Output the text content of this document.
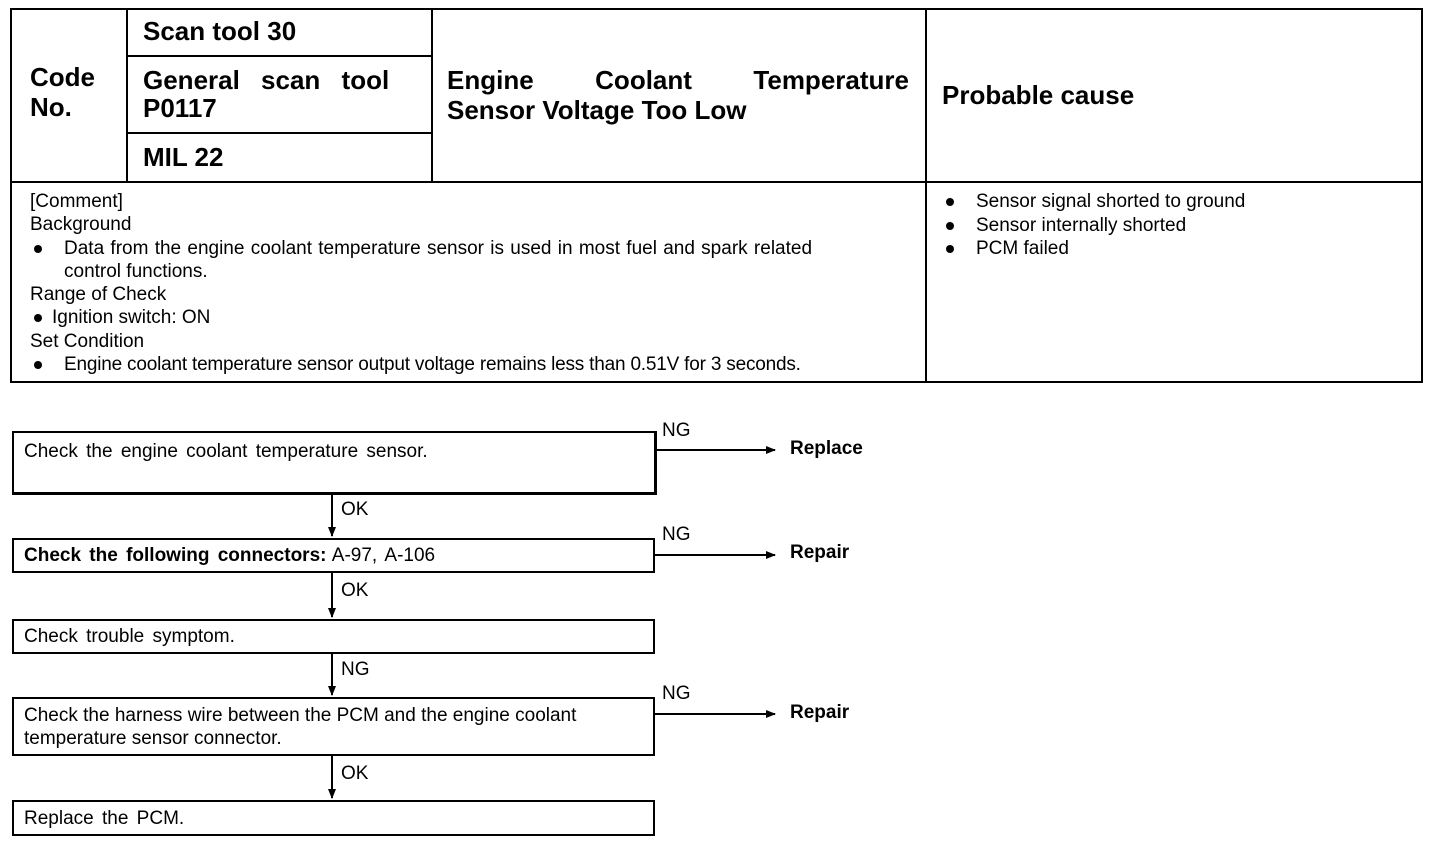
Code
No.
Scan tool 30
General scan tool
P0117
MIL 22
Engine Coolant Temperature
Sensor Voltage Too Low	Probable cause
[Comment]
Background
Data from the engine coolant temperature sensor is used in most fuel and spark related
control functions.
Range of Check
Ignition switch: ON
Set Condition
Engine coolant temperature sensor output voltage remains less than 0.51V for 3 seconds.
Sensor signal shorted to ground
Sensor internally shorted
PCM failed
Check the engine coolant temperature sensor.
Check the following connectors: A-97, A-106
Check trouble symptom.
Check the harness wire between the PCM and the engine coolant
temperature sensor connector.
Replace the PCM.
NG
NG
NG
OK
OK
NG
OK
Replace
Repair
Repair
